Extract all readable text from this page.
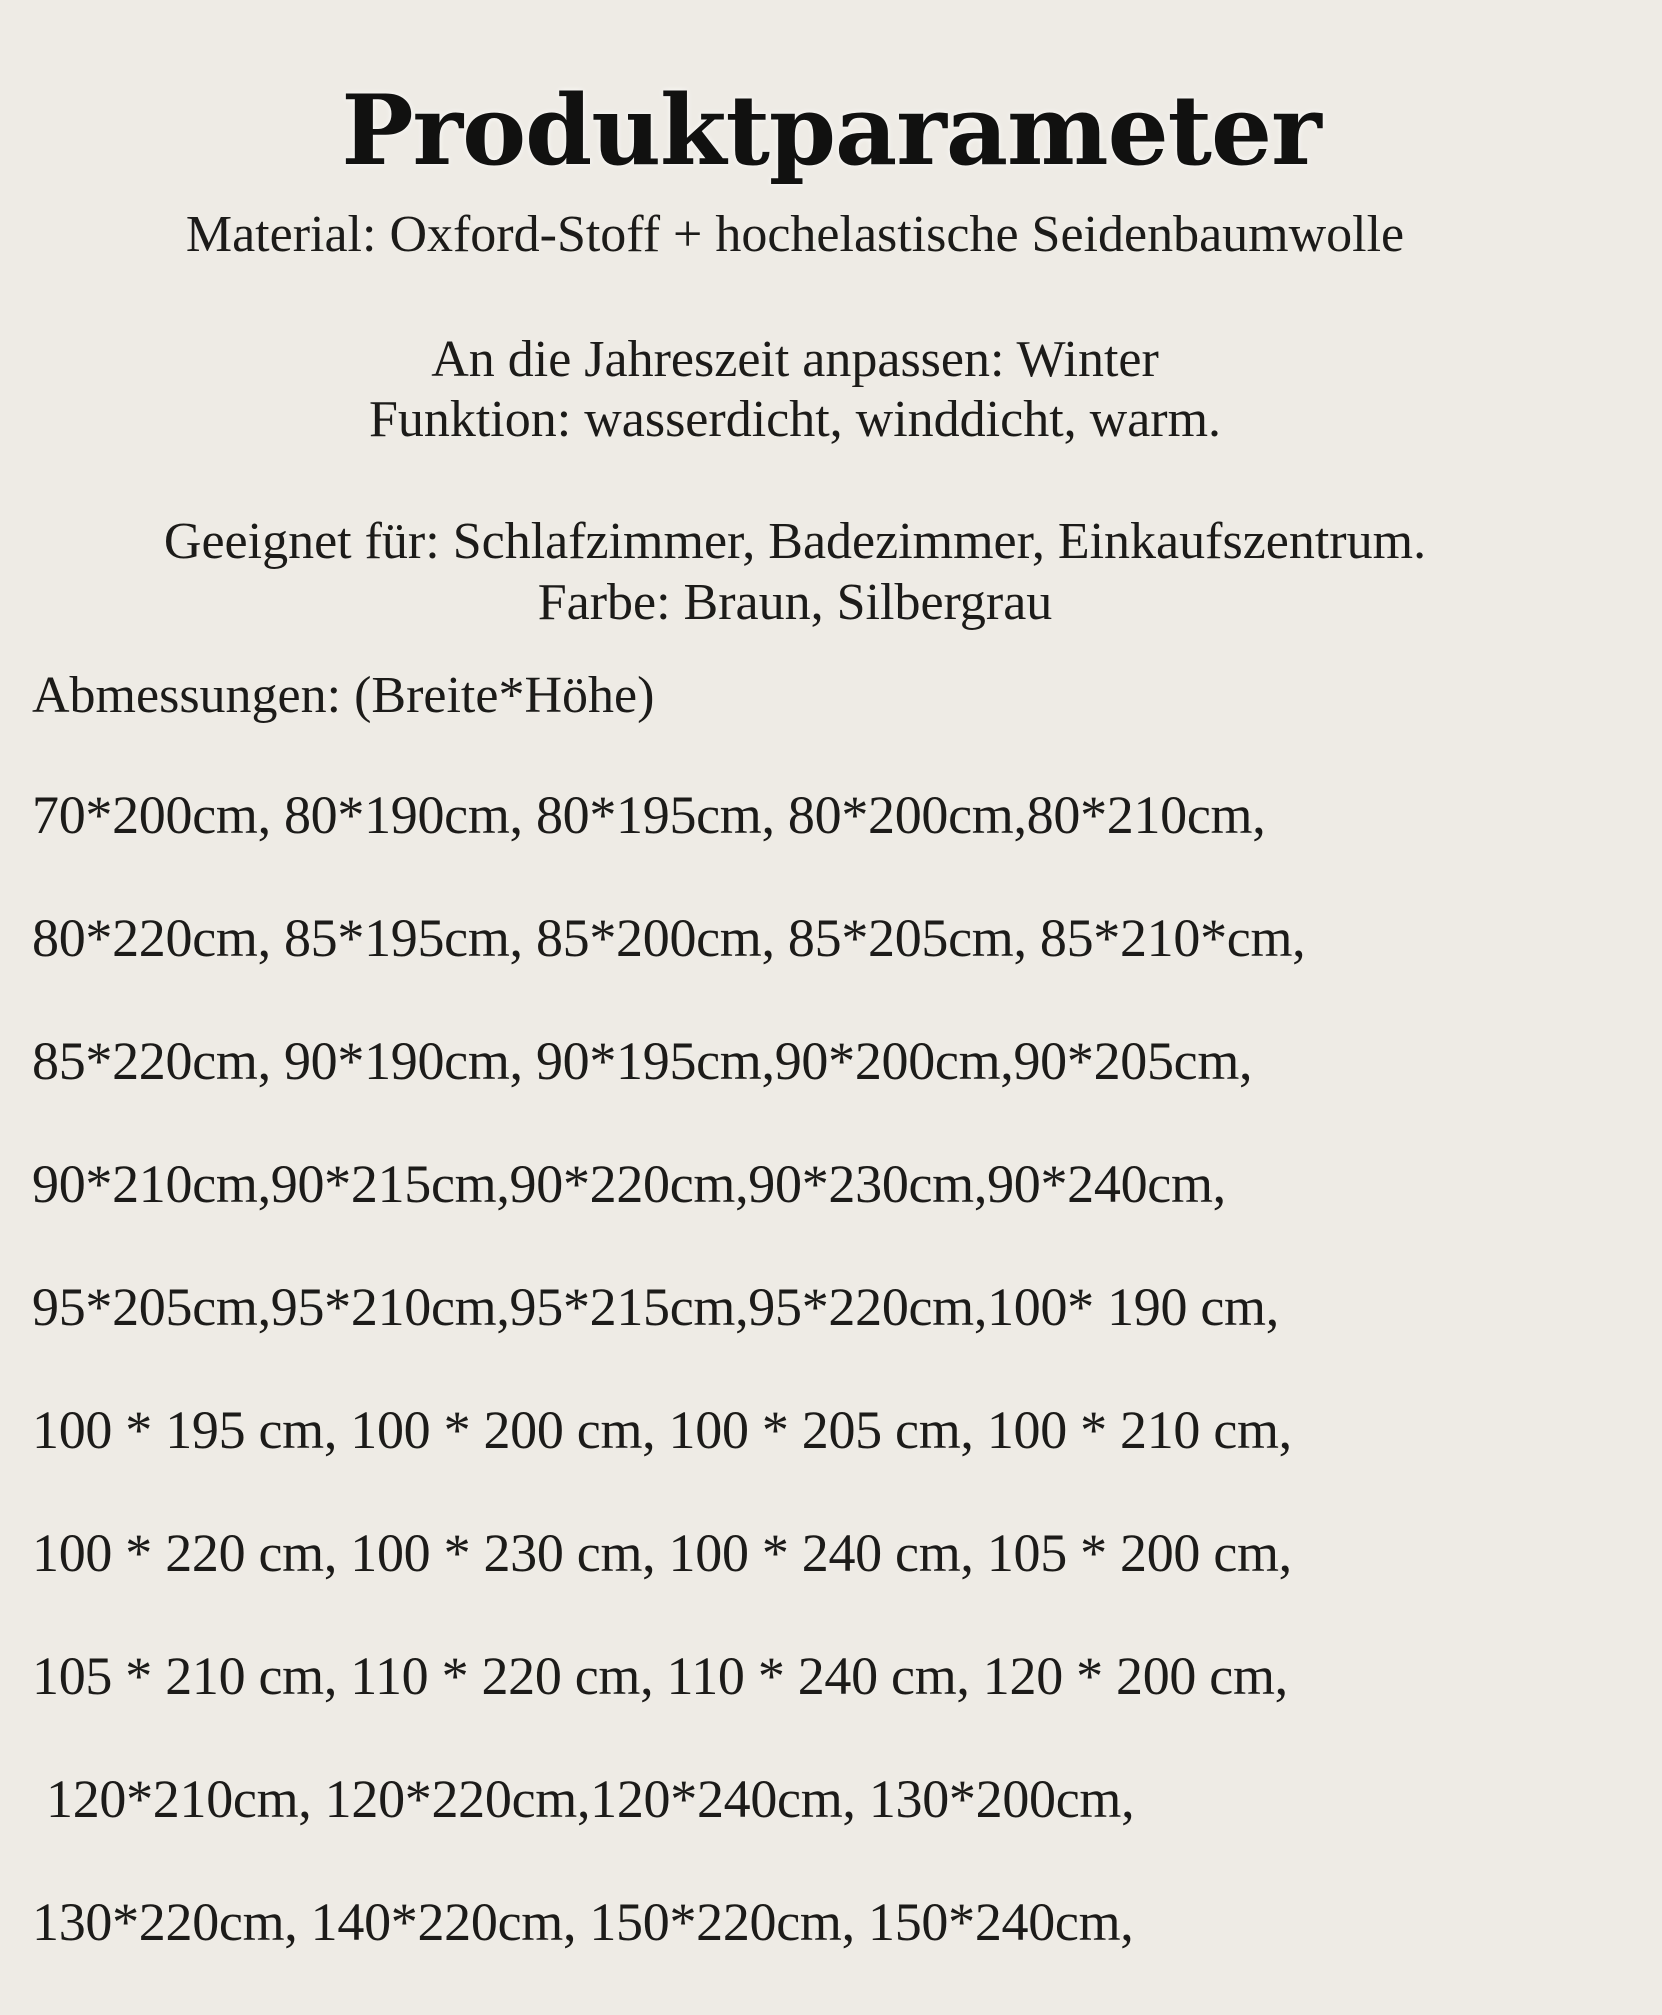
Produktparameter

Material: Oxford-Stoff + hochelastische Seidenbaumwolle

An die Jahreszeit anpassen: Winter

Funktion: wasserdicht, winddicht, warm.

Geeignet für: Schlafzimmer, Badezimmer, Einkaufszentrum.

Farbe: Braun, Silbergrau

Abmessungen: (Breite*Höhe)

70*200cm, 80*190cm, 80*195cm, 80*200cm,80*210cm,
80*220cm, 85*195cm, 85*200cm, 85*205cm, 85*210*cm,
85*220cm, 90*190cm, 90*195cm,90*200cm,90*205cm,
90*210cm,90*215cm,90*220cm,90*230cm,90*240cm,
95*205cm,95*210cm,95*215cm,95*220cm,100* 190 cm,
100 * 195 cm, 100 * 200 cm, 100 * 205 cm, 100 * 210 cm,
100 * 220 cm, 100 * 230 cm, 100 * 240 cm, 105 * 200 cm,
105 * 210 cm, 110 * 220 cm, 110 * 240 cm, 120 * 200 cm,
120*210cm, 120*220cm,120*240cm, 130*200cm,
130*220cm, 140*220cm, 150*220cm, 150*240cm,
